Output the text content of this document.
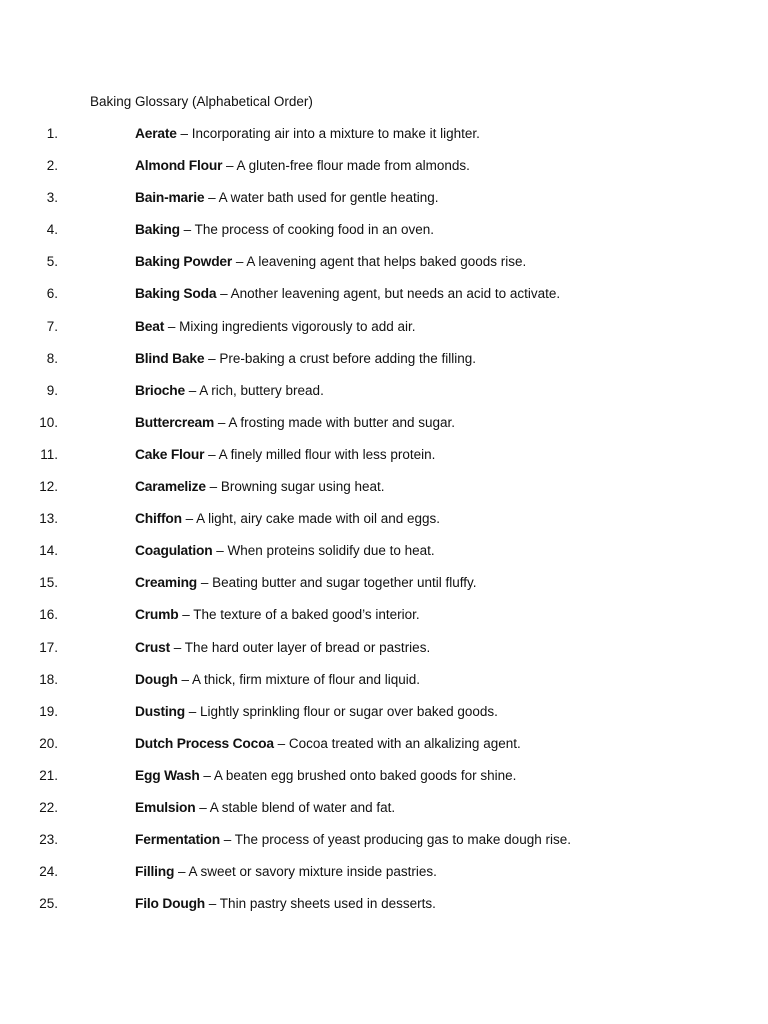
Baking Glossary (Alphabetical Order)
1.	Aerate – Incorporating air into a mixture to make it lighter.
2.	Almond Flour – A gluten-free flour made from almonds.
3.	Bain-marie – A water bath used for gentle heating.
4.	Baking – The process of cooking food in an oven.
5.	Baking Powder – A leavening agent that helps baked goods rise.
6.	Baking Soda – Another leavening agent, but needs an acid to activate.
7.	Beat – Mixing ingredients vigorously to add air.
8.	Blind Bake – Pre-baking a crust before adding the filling.
9.	Brioche – A rich, buttery bread.
10.	Buttercream – A frosting made with butter and sugar.
11.	Cake Flour – A finely milled flour with less protein.
12.	Caramelize – Browning sugar using heat.
13.	Chiffon – A light, airy cake made with oil and eggs.
14.	Coagulation – When proteins solidify due to heat.
15.	Creaming – Beating butter and sugar together until fluffy.
16.	Crumb – The texture of a baked good’s interior.
17.	Crust – The hard outer layer of bread or pastries.
18.	Dough – A thick, firm mixture of flour and liquid.
19.	Dusting – Lightly sprinkling flour or sugar over baked goods.
20.	Dutch Process Cocoa – Cocoa treated with an alkalizing agent.
21.	Egg Wash – A beaten egg brushed onto baked goods for shine.
22.	Emulsion – A stable blend of water and fat.
23.	Fermentation – The process of yeast producing gas to make dough rise.
24.	Filling – A sweet or savory mixture inside pastries.
25.	Filo Dough – Thin pastry sheets used in desserts.
